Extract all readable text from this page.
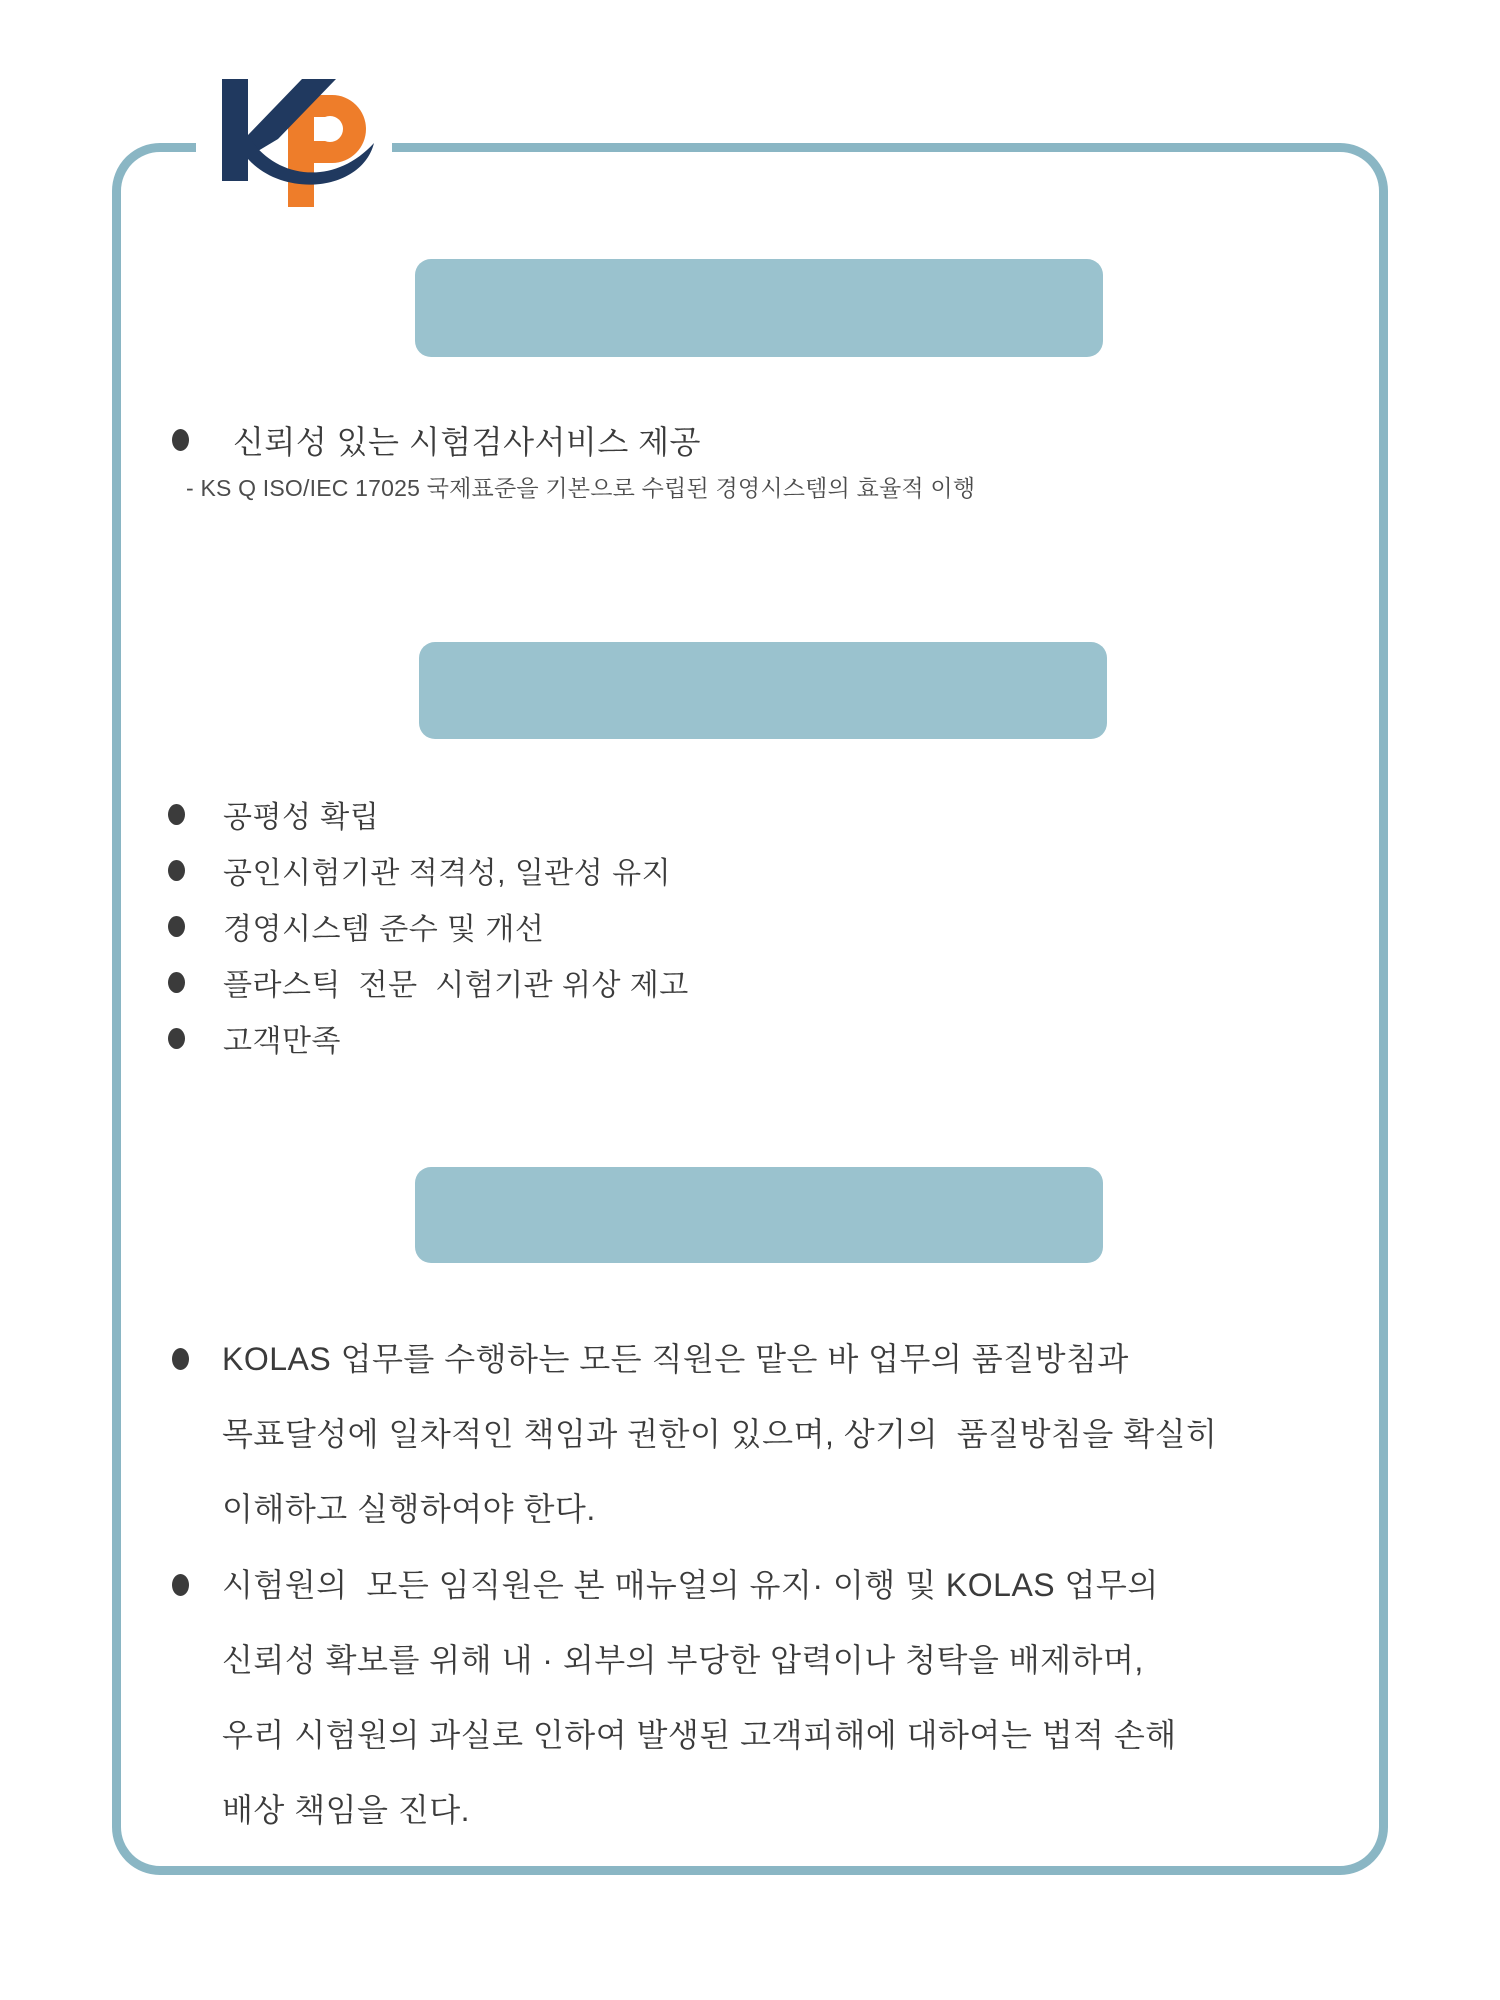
품 질 방 침

신뢰성 있는 시험검사서비스 제공
- KS Q ISO/IEC 17025 국제표준을 기본으로 수립된 경영시스템의 효율적 이행

품 질 목 표

공평성 확립
공인시험기관 적격성, 일관성 유지
경영시스템 준수 및 개선
플라스틱  전문  시험기관 위상 제고
고객만족

품질  매뉴얼의 준수

KOLAS 업무를 수행하는 모든 직원은 맡은 바 업무의 품질방침과
목표달성에 일차적인 책임과 권한이 있으며, 상기의  품질방침을 확실히
이해하고 실행하여야 한다.
시험원의  모든 임직원은 본 매뉴얼의 유지· 이행 및 KOLAS 업무의
신뢰성 확보를 위해 내 · 외부의 부당한 압력이나 청탁을 배제하며,
우리 시험원의 과실로 인하여 발생된 고객피해에 대하여는 법적 손해
배상 책임을 진다.
